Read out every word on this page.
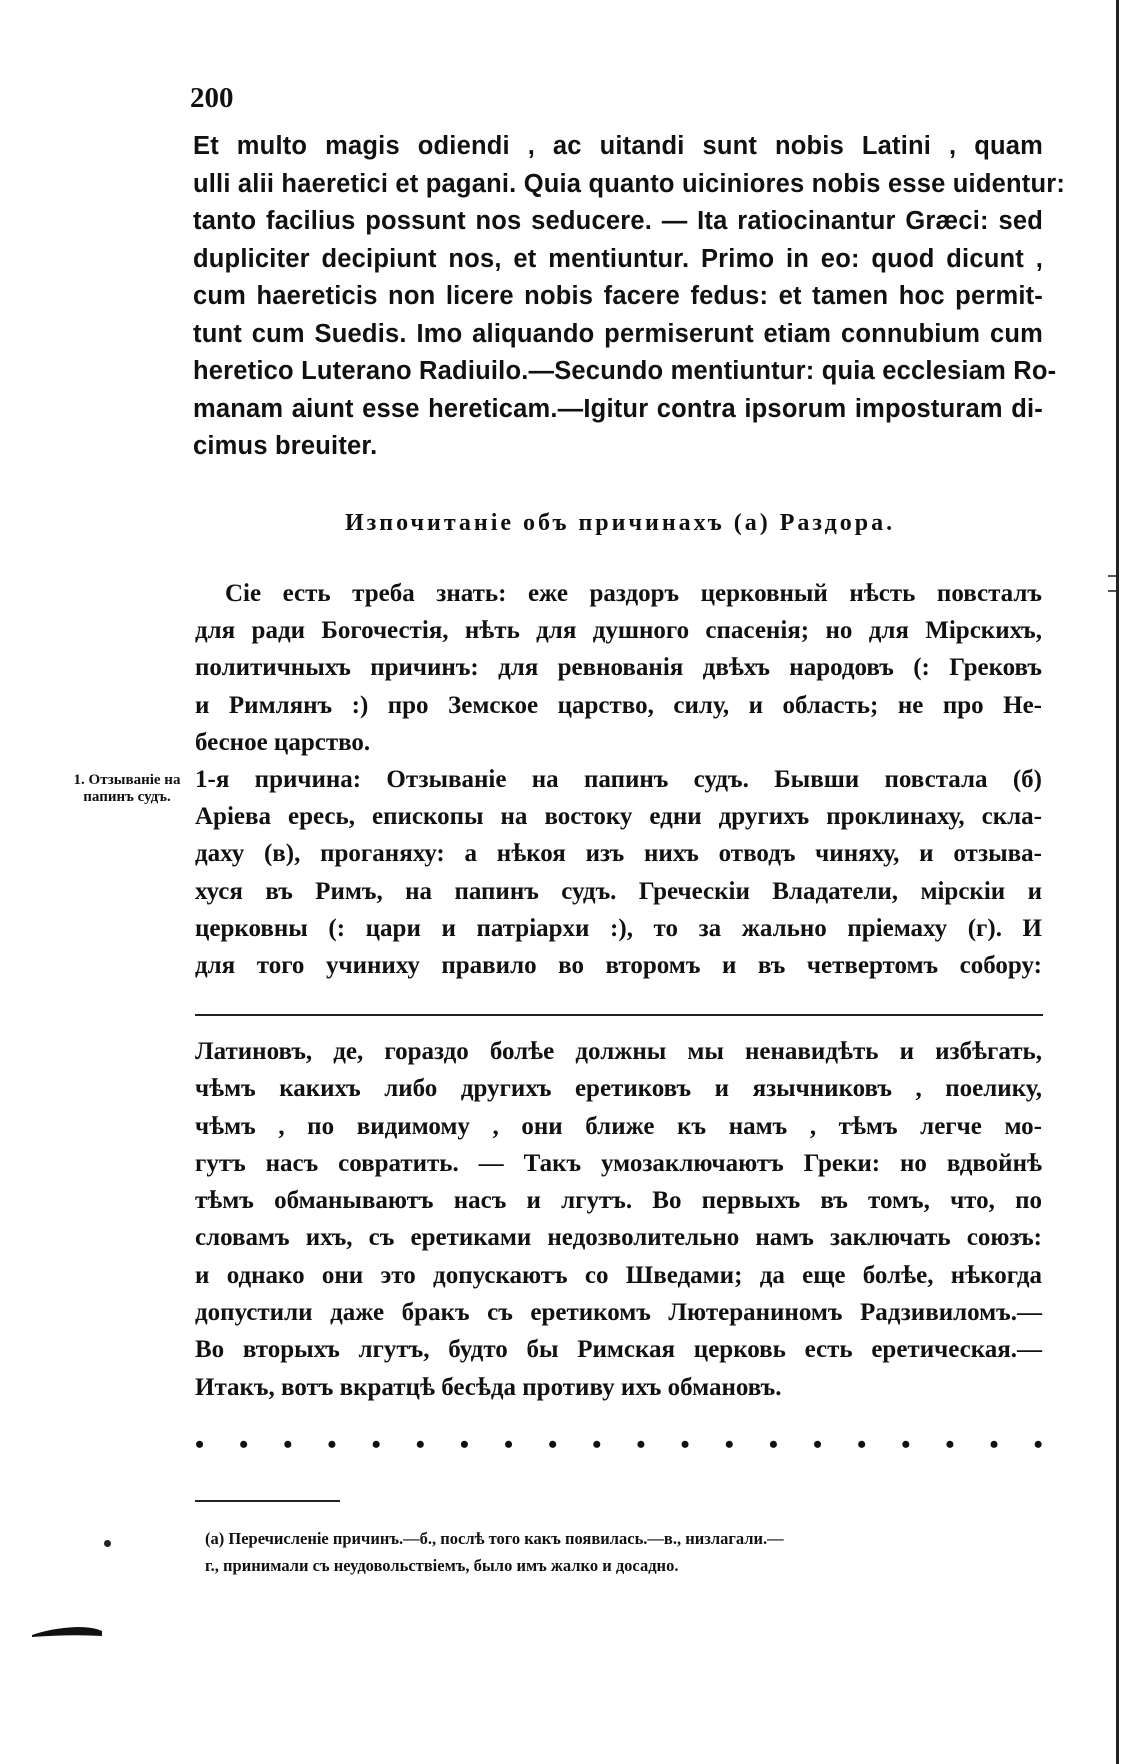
200
Et multo magis odiendi , ac uitandi sunt nobis Latini , quam
ulli alii haeretici et pagani. Quia quanto uiciniores nobis esse uidentur:
tanto facilius possunt nos seducere. — Ita ratiocinantur Græci: sed
dupliciter decipiunt nos, et mentiuntur. Primo in eo: quod dicunt ,
cum haereticis non licere nobis facere fedus: et tamen hoc permit-
tunt cum Suedis. Imo aliquando permiserunt etiam connubium cum
heretico Luterano Radiuilo.—Secundo mentiuntur: quia ecclesiam Ro-
manam aiunt esse hereticam.—Igitur contra ipsorum imposturam di-
cimus breuiter.
Изпочитаніе объ причинахъ (а) Раздора.
Сіе есть треба знать: еже раздоръ церковный нѣсть повсталъ
для ради Богочестія, нѣть для душного спасенія; но для Мірскихъ,
политичныхъ причинъ: для ревнованія двѣхъ народовъ (: Грековъ
и Римлянъ :) про Земское царство, силу, и область; не про Не-
бесное царство.
1-я причина: Отзываніе на папинъ судъ. Бывши повстала (б)
Аріева ересь, епископы на востоку едни другихъ проклинаху, скла-
даху (в), проганяху: а нѣкоя изъ нихъ отводъ чиняху, и отзыва-
хуся въ Римъ, на папинъ судъ. Греческіи Владатели, мірскіи и
церковны (: цари и патріархи :), то за жально пріемаху (г). И
для того учиниху правило во второмъ и въ четвертомъ собору:
1. Отзываніе на папинъ судъ.
Латиновъ, де, гораздо болѣе должны мы ненавидѣть и избѣгать,
чѣмъ какихъ либо другихъ еретиковъ и язычниковъ , поелику,
чѣмъ , по видимому , они ближе къ намъ , тѣмъ легче мо-
гутъ насъ совратить. — Такъ умозаключаютъ Греки: но вдвойнѣ
тѣмъ обманываютъ насъ и лгутъ. Во первыхъ въ томъ, что, по
словамъ ихъ, съ еретиками недозволительно намъ заключать союзъ:
и однако они это допускаютъ со Шведами; да еще болѣе, нѣкогда
допустили даже бракъ съ еретикомъ Лютераниномъ Радзивиломъ.—
Во вторыхъ лгутъ, будто бы Римская церковь есть еретическая.—
Итакъ, вотъ вкратцѣ бесѣда противу ихъ обмановъ.
• • • • • • • • • • • • • • • • • • • •
(а) Перечисленіе причинъ.—б., послѣ того какъ появилась.—в., низлагали.—
г., принимали съ неудовольствіемъ, было имъ жалко и досадно.
